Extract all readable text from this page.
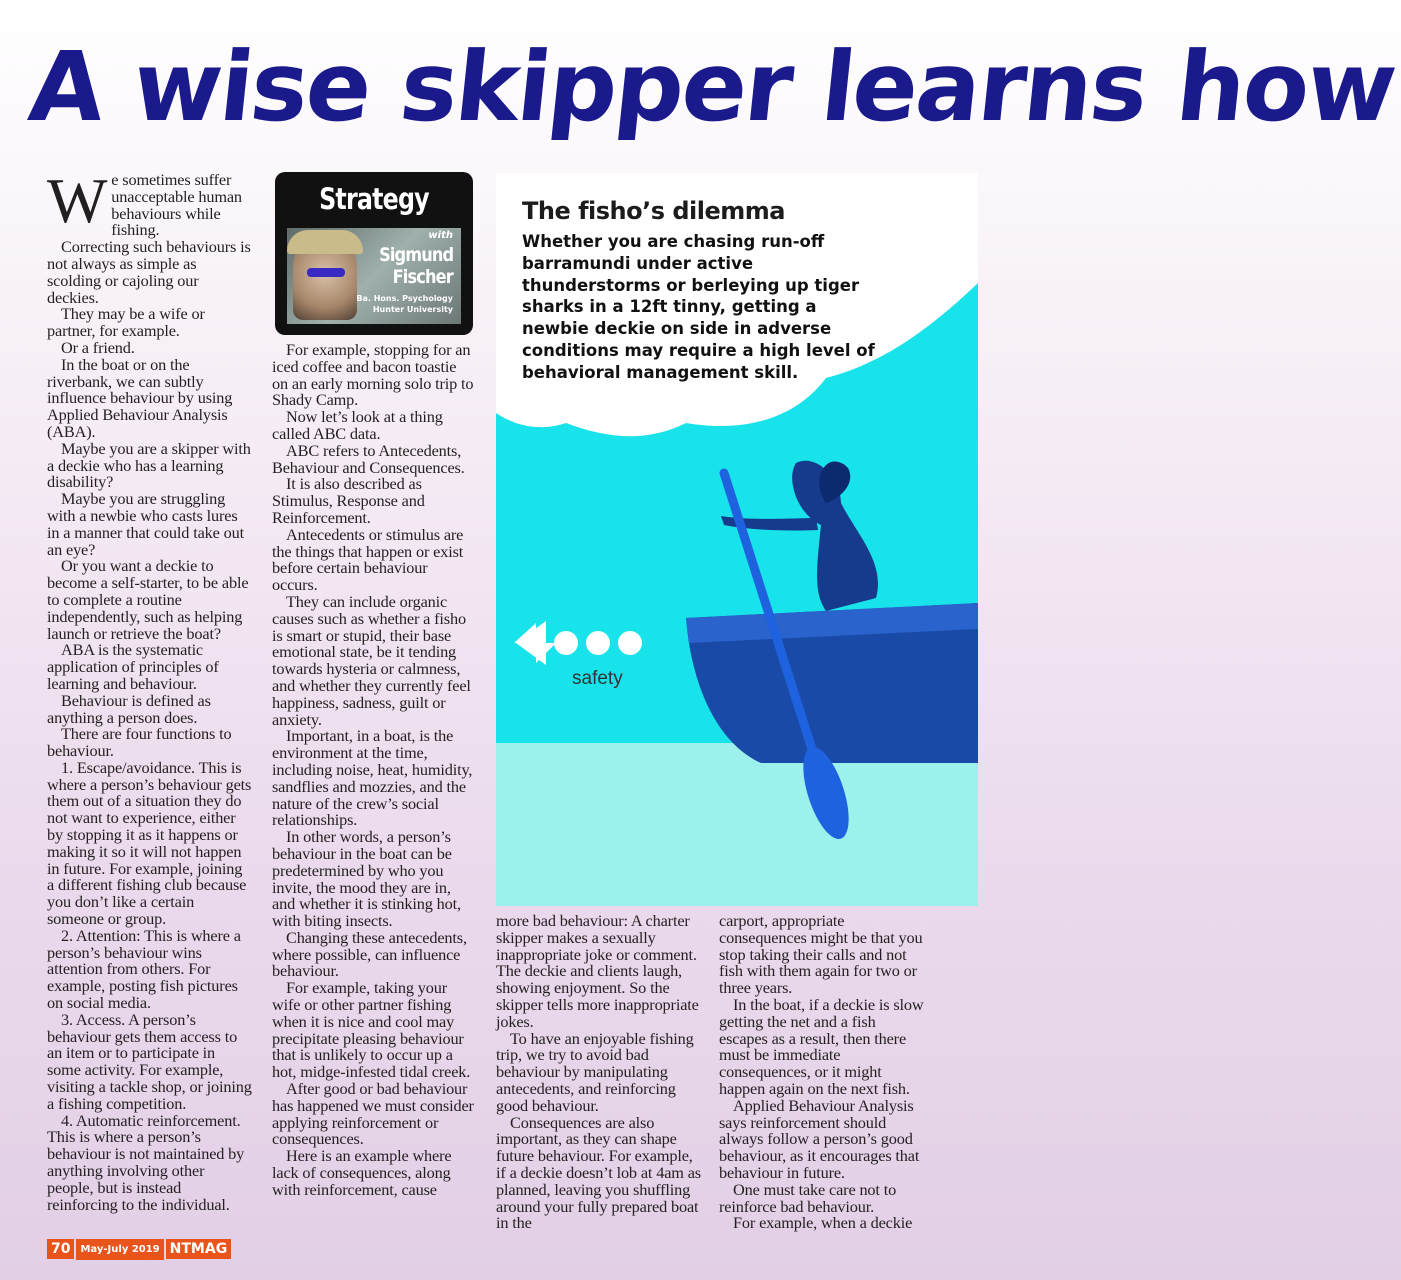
A wise skipper learns how

We sometimes suffer unacceptable human behaviours while fishing.

Correcting such behaviours is not always as simple as scolding or cajoling our deckies.

They may be a wife or partner, for example.

Or a friend.

In the boat or on the riverbank, we can subtly influence behaviour by using Applied Behaviour Analysis (ABA).

Maybe you are a skipper with a deckie who has a learning disability?

Maybe you are struggling with a newbie who casts lures in a manner that could take out an eye?

Or you want a deckie to become a self-starter, to be able to complete a routine independently, such as helping launch or retrieve the boat?

ABA is the systematic application of principles of learning and behaviour.

Behaviour is defined as anything a person does.

There are four functions to behaviour.

1. Escape/avoidance. This is where a person’s behaviour gets them out of a situation they do not want to experience, either by stopping it as it happens or making it so it will not happen in future. For example, joining a different fishing club because you don’t like a certain someone or group.

2. Attention: This is where a person’s behaviour wins attention from others. For example, posting fish pictures on social media.

3. Access. A person’s behaviour gets them access to an item or to participate in some activity. For example, visiting a tackle shop, or joining a fishing competition.

4. Automatic reinforcement. This is where a person’s behaviour is not maintained by anything involving other people, but is instead reinforcing to the individual.

Strategy
with
Sigmund
Fischer
Ba. Hons. Psychology
Hunter University

For example, stopping for an iced coffee and bacon toastie on an early morning solo trip to Shady Camp.

Now let’s look at a thing called ABC data.

ABC refers to Antecedents, Behaviour and Consequences.

It is also described as Stimulus, Response and Reinforcement.

Antecedents or stimulus are the things that happen or exist before certain behaviour occurs.

They can include organic causes such as whether a fisho is smart or stupid, their base emotional state, be it tending towards hysteria or calmness, and whether they currently feel happiness, sadness, guilt or anxiety.

Important, in a boat, is the environment at the time, including noise, heat, humidity, sandflies and mozzies, and the nature of the crew’s social relationships.

In other words, a person’s behaviour in the boat can be predetermined by who you invite, the mood they are in, and whether it is stinking hot, with biting insects.

Changing these antecedents, where possible, can influence behaviour.

For example, taking your wife or other partner fishing when it is nice and cool may precipitate pleasing behaviour that is unlikely to occur up a hot, midge-infested tidal creek.

After good or bad behaviour has happened we must consider applying reinforcement or consequences.

Here is an example where lack of consequences, along with reinforcement, cause

The fisho’s dilemma
Whether you are chasing run-off barramundi under active thunderstorms or berleying up tiger sharks in a 12ft tinny, getting a newbie deckie on side in adverse conditions may require a high level of behavioral management skill.
safety

more bad behaviour: A charter skipper makes a sexually inappropriate joke or comment. The deckie and clients laugh, showing enjoyment. So the skipper tells more inappropriate jokes.

To have an enjoyable fishing trip, we try to avoid bad behaviour by manipulating antecedents, and reinforcing good behaviour.

Consequences are also important, as they can shape future behaviour. For example, if a deckie doesn’t lob at 4am as planned, leaving you shuffling around your fully prepared boat in the

carport, appropriate consequences might be that you stop taking their calls and not fish with them again for two or three years.

In the boat, if a deckie is slow getting the net and a fish escapes as a result, then there must be immediate consequences, or it might happen again on the next fish.

Applied Behaviour Analysis says reinforcement should always follow a person’s good behaviour, as it encourages that behaviour in future.

One must take care not to reinforce bad behaviour.

For example, when a deckie

70	May-July 2019 NTMAG
